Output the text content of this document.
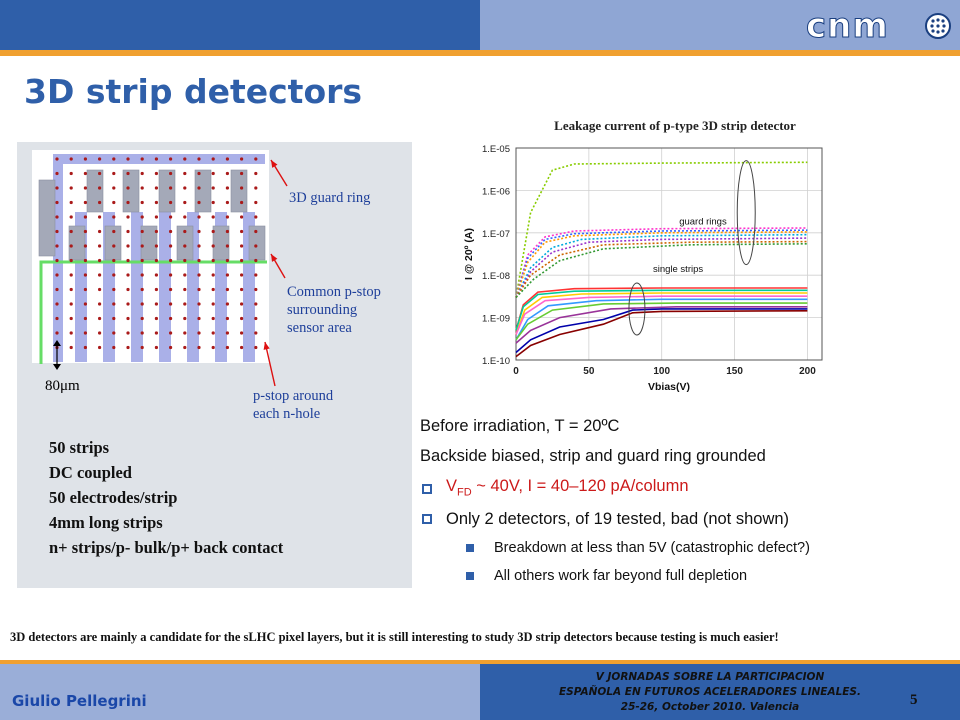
cnm
3D strip detectors
3D guard ring
Common p-stop
surrounding
sensor area
p-stop around
each n-hole
80μm
50 strips
DC coupled
50 electrodes/strip
4mm long strips
n+ strips/p- bulk/p+ back contact
Leakage current of p-type 3D strip detector
1.E-10
1.E-09
1.E-08
1.E-07
1.E-06
1.E-05
0	50	100	150	200
guard rings
single strips
Vbias(V)
I @ 20º (A)
Before irradiation, T = 20ºC
Backside biased, strip and guard ring grounded
$V_{FD}$ ~ 40V, I = 40–120 pA/column
Only 2 detectors, of 19 tested, bad (not shown)
Breakdown at less than 5V (catastrophic defect?)
All others work far beyond full depletion
3D detectors are mainly a candidate for the sLHC pixel layers, but it is still interesting to study 3D strip detectors because testing is much easier!
Giulio Pellegrini
V JORNADAS SOBRE LA PARTICIPACION
ESPAÑOLA EN FUTUROS ACELERADORES LINEALES.
25-26, October 2010. Valencia	5
